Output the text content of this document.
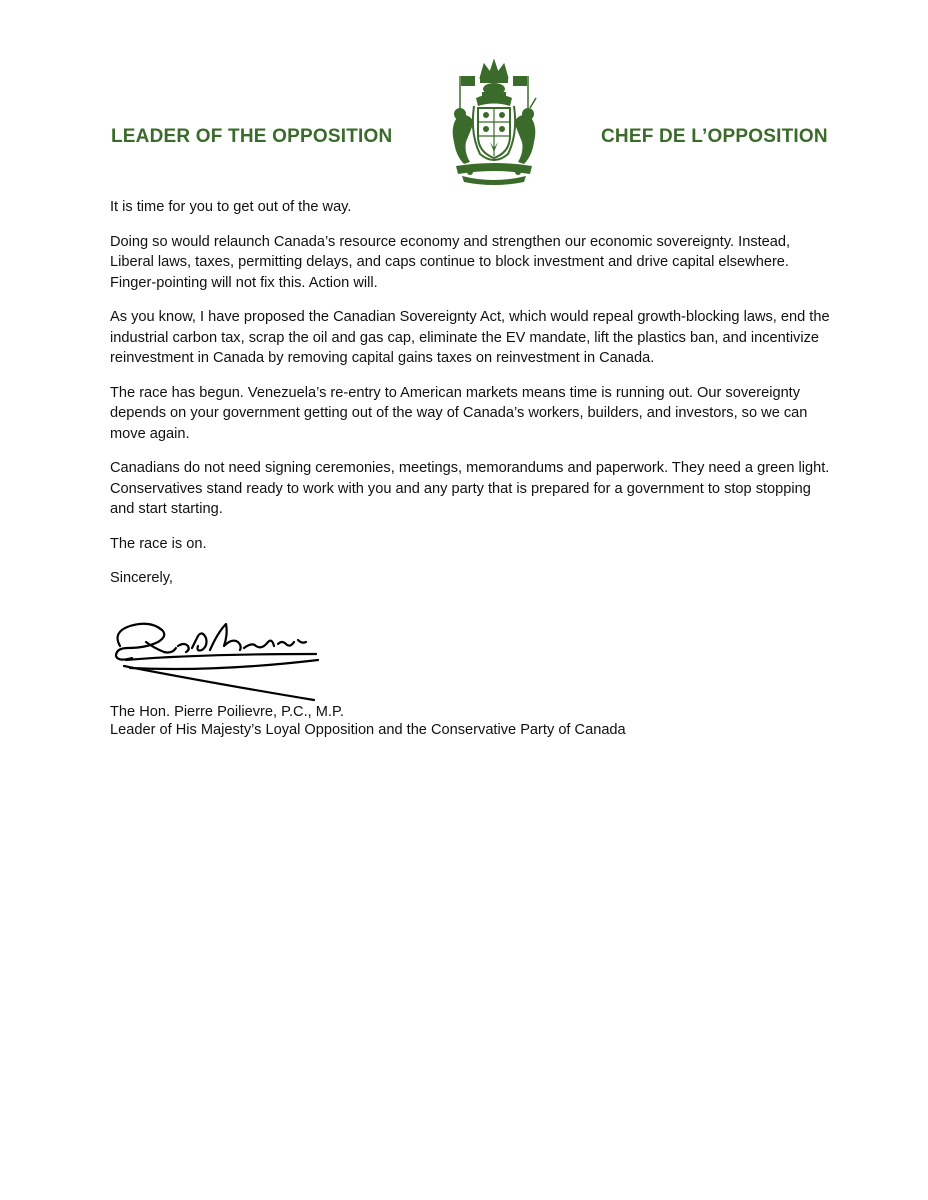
LEADER OF THE OPPOSITION	CHEF DE L’OPPOSITION

It is time for you to get out of the way.

Doing so would relaunch Canada’s resource economy and strengthen our economic sovereignty. Instead, Liberal laws, taxes, permitting delays, and caps continue to block investment and drive capital elsewhere. Finger-pointing will not fix this. Action will.

As you know, I have proposed the Canadian Sovereignty Act, which would repeal growth-blocking laws, end the industrial carbon tax, scrap the oil and gas cap, eliminate the EV mandate, lift the plastics ban, and incentivize reinvestment in Canada by removing capital gains taxes on reinvestment in Canada.

The race has begun. Venezuela’s re-entry to American markets means time is running out. Our sovereignty depends on your government getting out of the way of Canada’s workers, builders, and investors, so we can move again.

Canadians do not need signing ceremonies, meetings, memorandums and paperwork. They need a green light. Conservatives stand ready to work with you and any party that is prepared for a government to stop stopping and start starting.

The race is on.

Sincerely,

The Hon. Pierre Poilievre, P.C., M.P.
Leader of His Majesty’s Loyal Opposition and the Conservative Party of Canada
